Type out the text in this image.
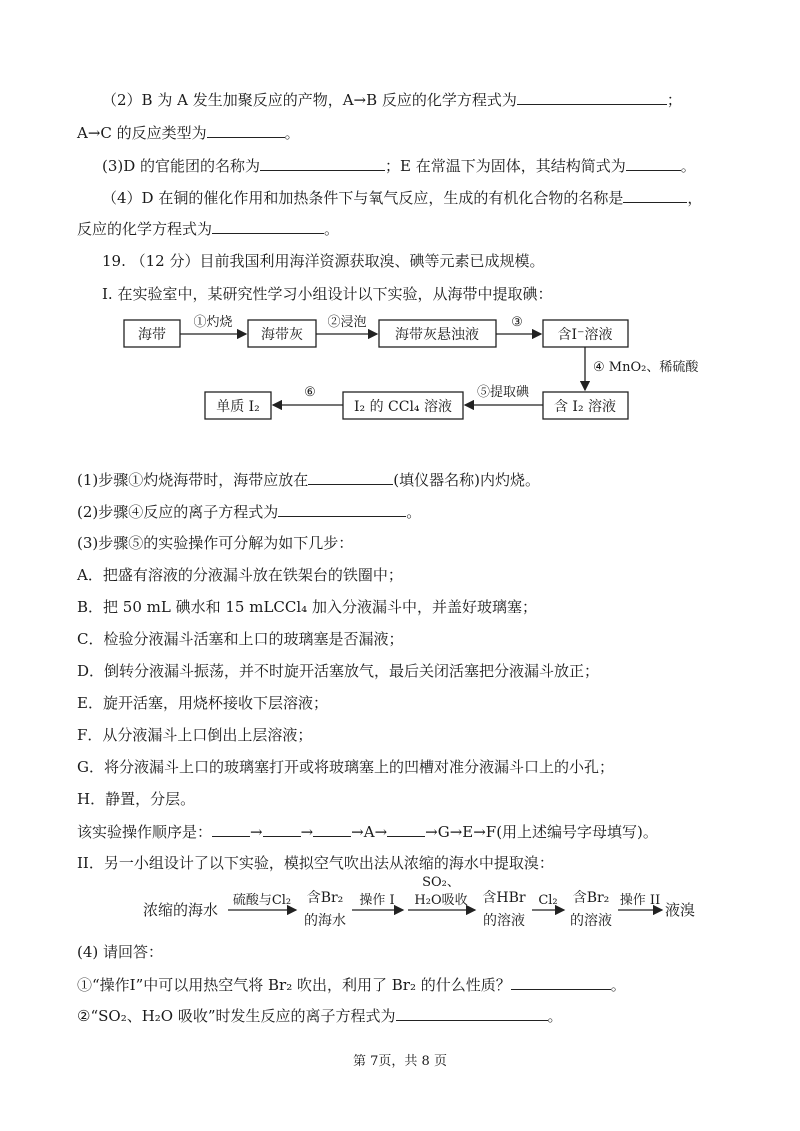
（2）B 为 A 发生加聚反应的产物，A→B 反应的化学方程式为	；
A→C 的反应类型为	。
(3)D 的官能团的名称为	；E 在常温下为固体，其结构简式为	。
（4）D 在铜的催化作用和加热条件下与氧气反应，生成的有机化合物的名称是	，
反应的化学方程式为	。
19. （12 分）目前我国利用海洋资源获取溴、碘等元素已成规模。
I. 在实验室中，某研究性学习小组设计以下实验，从海带中提取碘：
海带
①灼烧
海带灰
②浸泡
海带灰悬浊液
③
含I⁻溶液
④ MnO₂、稀硫酸
含 I₂ 溶液
⑤提取碘
I₂ 的 CCl₄ 溶液
⑥
单质 I₂
(1)步骤①灼烧海带时，海带应放在	(填仪器名称)内灼烧。
(2)步骤④反应的离子方程式为	。
(3)步骤⑤的实验操作可分解为如下几步：
A．把盛有溶液的分液漏斗放在铁架台的铁圈中；
B．把 50 mL 碘水和 15 mLCCl₄ 加入分液漏斗中，并盖好玻璃塞；
C．检验分液漏斗活塞和上口的玻璃塞是否漏液；
D．倒转分液漏斗振荡，并不时旋开活塞放气，最后关闭活塞把分液漏斗放正；
E．旋开活塞，用烧杯接收下层溶液；
F．从分液漏斗上口倒出上层溶液；
G．将分液漏斗上口的玻璃塞打开或将玻璃塞上的凹槽对准分液漏斗口上的小孔；
H．静置，分层。
该实验操作顺序是：	→	→	→A→	→G→E→F(用上述编号字母填写)。
II．另一小组设计了以下实验，模拟空气吹出法从浓缩的海水中提取溴：
浓缩的海水
硫酸与Cl₂ 含Br₂
的海水
操作 I
SO₂、
H₂O吸收 含HBr
的溶液
Cl₂ 含Br₂
的溶液
操作 II
液溴
(4) 请回答：
①“操作I”中可以用热空气将 Br₂ 吹出，利用了 Br₂ 的什么性质？	。
②“SO₂、H₂O 吸收”时发生反应的离子方程式为	。
第 7页，共 8 页
